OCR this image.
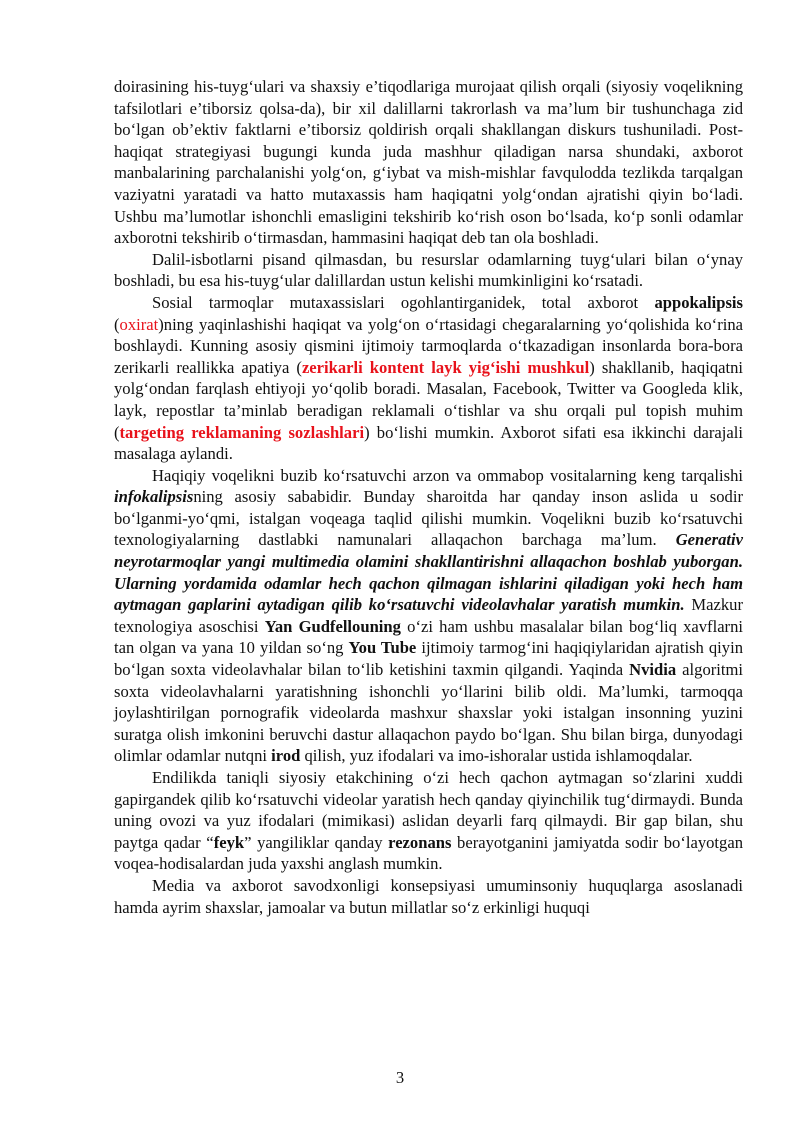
doirasining his-tuyg‘ulari va shaxsiy e’tiqodlariga murojaat qilish orqali (siyosiy voqelikning tafsilotlari e’tiborsiz qolsa-da), bir xil dalillarni takrorlash va ma’lum bir tushunchaga zid bo‘lgan ob’ektiv faktlarni e’tiborsiz qoldirish orqali shakllangan diskurs tushuniladi. Post-haqiqat strategiyasi bugungi kunda juda mashhur qiladigan narsa shundaki, axborot manbalarining parchalanishi yolg‘on, g‘iybat va mish-mishlar favqulodda tezlikda tarqalgan vaziyatni yaratadi va hatto mutaxassis ham haqiqatni yolg‘ondan ajratishi qiyin bo‘ladi. Ushbu ma’lumotlar ishonchli emasligini tekshirib ko‘rish oson bo‘lsada, ko‘p sonli odamlar axborotni tekshirib o‘tirmasdan, hammasini haqiqat deb tan ola boshladi.

Dalil-isbotlarni pisand qilmasdan, bu resurslar odamlarning tuyg‘ulari bilan o‘ynay boshladi, bu esa his-tuyg‘ular dalillardan ustun kelishi mumkinligini ko‘rsatadi.

Sosial tarmoqlar mutaxassislari ogohlantirganidek, total axborot appokalipsis (oxirat)ning yaqinlashishi haqiqat va yolg‘on o‘rtasidagi chegaralarning yo‘qolishida ko‘rina boshlaydi. Kunning asosiy qismini ijtimoiy tarmoqlarda o‘tkazadigan insonlarda bora-bora zerikarli reallikka apatiya (zerikarli kontent layk yig‘ishi mushkul) shakllanib, haqiqatni yolg‘ondan farqlash ehtiyoji yo‘qolib boradi. Masalan, Facebook, Twitter va Googleda klik, layk, repostlar ta’minlab beradigan reklamali o‘tishlar va shu orqali pul topish muhim (targeting reklamaning sozlashlari) bo‘lishi mumkin. Axborot sifati esa ikkinchi darajali masalaga aylandi.

Haqiqiy voqelikni buzib ko‘rsatuvchi arzon va ommabop vositalarning keng tarqalishi infokalipsisning asosiy sababidir. Bunday sharoitda har qanday inson aslida u sodir bo‘lganmi-yo‘qmi, istalgan voqeaga taqlid qilishi mumkin. Voqelikni buzib ko‘rsatuvchi texnologiyalarning dastlabki namunalari allaqachon barchaga ma’lum. Generativ neyrotarmoqlar yangi multimedia olamini shakllantirishni allaqachon boshlab yuborgan. Ularning yordamida odamlar hech qachon qilmagan ishlarini qiladigan yoki hech ham aytmagan gaplarini aytadigan qilib ko‘rsatuvchi videolavhalar yaratish mumkin. Mazkur texnologiya asoschisi Yan Gudfellouning o‘zi ham ushbu masalalar bilan bog‘liq xavflarni tan olgan va yana 10 yildan so‘ng You Tube ijtimoiy tarmog‘ini haqiqiylaridan ajratish qiyin bo‘lgan soxta videolavhalar bilan to‘lib ketishini taxmin qilgandi. Yaqinda Nvidia algoritmi soxta videolavhalarni yaratishning ishonchli yo‘llarini bilib oldi. Ma’lumki, tarmoqqa joylashtirilgan pornografik videolarda mashxur shaxslar yoki istalgan insonning yuzini suratga olish imkonini beruvchi dastur allaqachon paydo bo‘lgan. Shu bilan birga, dunyodagi olimlar odamlar nutqni irod qilish, yuz ifodalari va imo-ishoralar ustida ishlamoqdalar.

Endilikda taniqli siyosiy etakchining o‘zi hech qachon aytmagan so‘zlarini xuddi gapirgandek qilib ko‘rsatuvchi videolar yaratish hech qanday qiyinchilik tug‘dirmaydi. Bunda uning ovozi va yuz ifodalari (mimikasi) aslidan deyarli farq qilmaydi. Bir gap bilan, shu paytga qadar “feyk” yangiliklar qanday rezonans berayotganini jamiyatda sodir bo‘layotgan voqea-hodisalardan juda yaxshi anglash mumkin.

Media va axborot savodxonligi konsepsiyasi umuminsoniy huquqlarga asoslanadi hamda ayrim shaxslar, jamoalar va butun millatlar so‘z erkinligi huquqi

3
